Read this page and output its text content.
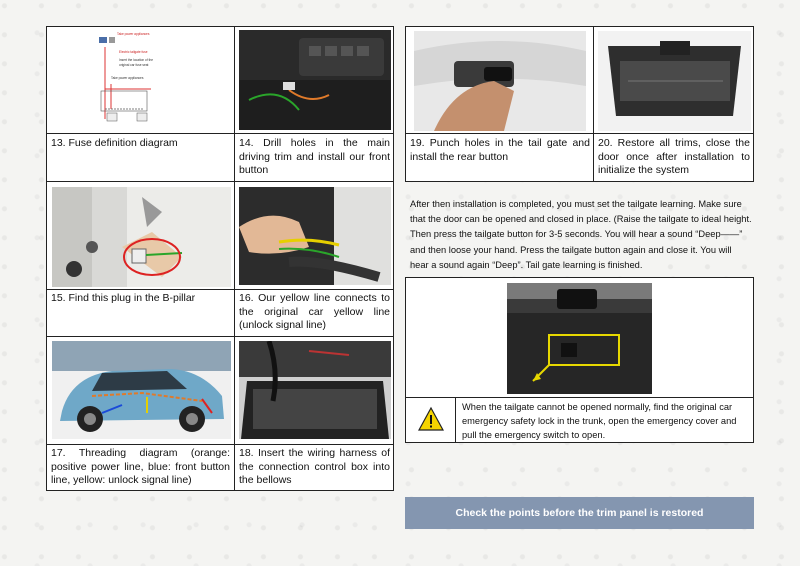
Take power appliances
Electric tailgate fuse
Insert the location of the
original car fuse seat
Take power appliances
13. Fuse definition diagram	14. Drill holes in the main driving trim and install our front button
15. Find this plug in the B-pillar	16. Our yellow line connects to the original car yellow line (unlock signal line)
17. Threading diagram (orange: positive power line, blue: front button line, yellow: unlock signal line)
18. Insert the wiring harness of the connection control box into the bellows
19. Punch holes in the tail gate and install the rear button
20. Restore all trims, close the door once after installation to initialize the system
After then installation is completed, you must set the tailgate learning. Make sure that the door can be opened and closed in place. (Raise the tailgate to ideal height. Then press the tailgate button for 3-5 seconds. You will hear a sound “Deep——” and then loose your hand. Press the tailgate button again and close it. You will hear a sound again “Deep”. Tail gate learning is finished.
When the tailgate cannot be opened normally, find the original car emergency safety lock in the trunk, open the emergency cover and pull the emergency switch to open.
Check the points before the trim panel is restored
